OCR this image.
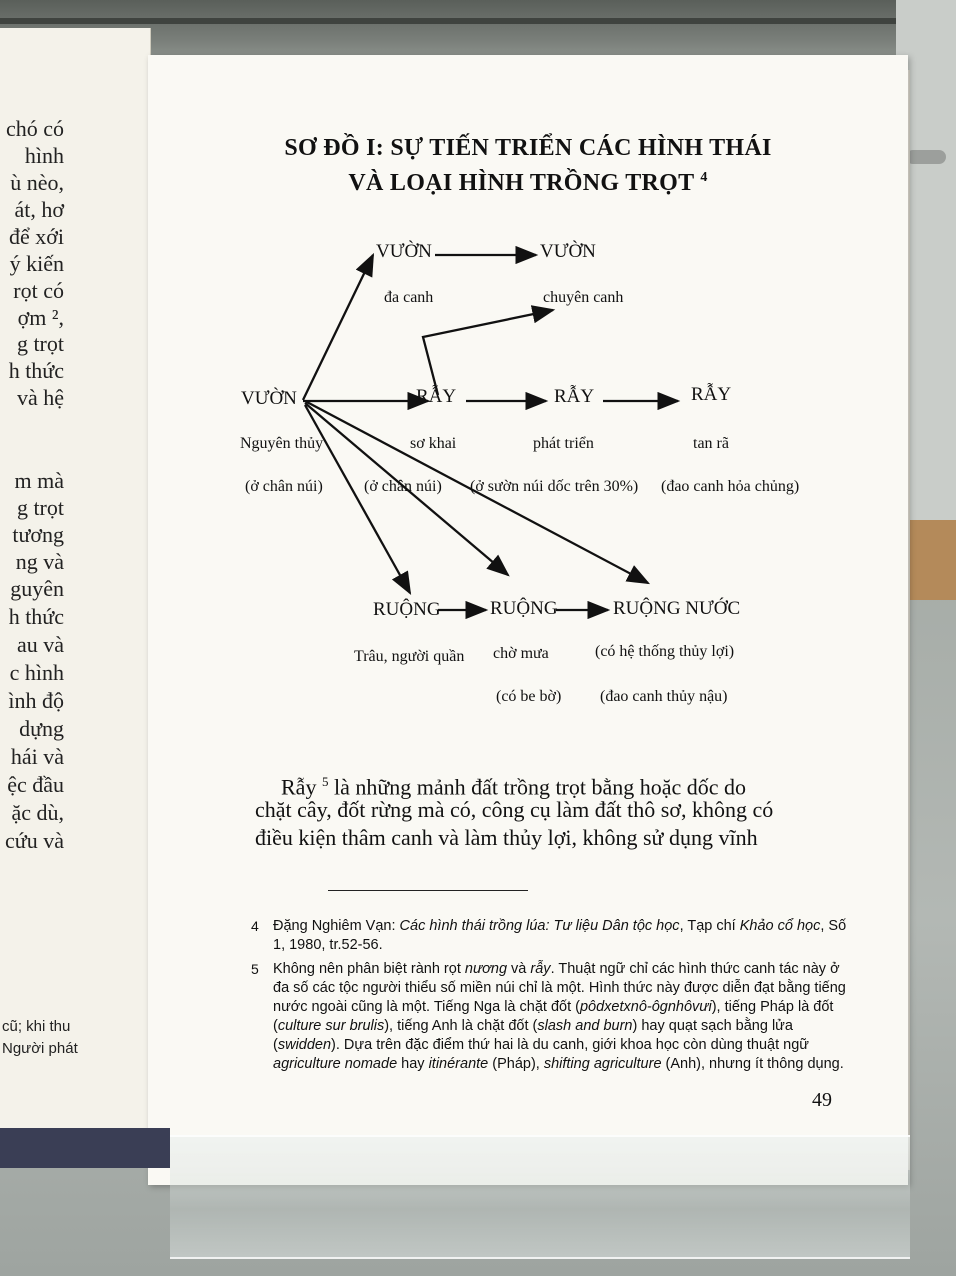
chó có
hình
ù nèo,
át, hơ
để xới
ý kiến
rọt có
ợm ²,
g trọt
h thức
và hệ
m mà
g trọt
tương
ng và
guyên
h thức
au và
c hình
ình độ
dựng
hái và
ệc đầu
ặc dù,
cứu và
cũ; khi thu
Người phát
SƠ ĐỒ I: SỰ TIẾN TRIỂN CÁC HÌNH THÁI
VÀ LOẠI HÌNH TRỒNG TRỌT $^4$
VƯỜN	VƯỜN
đa canh	chuyên canh
VƯỜN	RẪY	RẪY	RẪY
Nguyên thủy	sơ khai	phát triển	tan rã
(ở chân núi)	(ở chân núi) (ở sườn núi dốc trên 30%) (đao canh hỏa chủng)
RUỘNG	RUỘNG	RUỘNG NƯỚC
Trâu, người quần chờ mưa	(có hệ thống thủy lợi)
(có be bờ) (đao canh thủy nậu)
Rẫy $^5$ là những mảnh đất trồng trọt bằng hoặc dốc do
chặt cây, đốt rừng mà có, công cụ làm đất thô sơ, không có
điều kiện thâm canh và làm thủy lợi, không sử dụng vĩnh
4 Đặng Nghiêm Vạn: Các hình thái trồng lúa: Tư liệu Dân tộc học, Tạp chí Khảo cổ học, Số 1, 1980, tr.52-56.
5 Không nên phân biệt rành rọt nương và rẫy. Thuật ngữ chỉ các hình thức canh tác này ở đa số các tộc người thiểu số miền núi chỉ là một. Hình thức này được diễn đạt bằng tiếng nước ngoài cũng là một. Tiếng Nga là chặt đốt (pôdxetxnô-ôgnhôvưi), tiếng Pháp là đốt (culture sur brulis), tiếng Anh là chặt đốt (slash and burn) hay quạt sạch bằng lửa (swidden). Dựa trên đặc điểm thứ hai là du canh, giới khoa học còn dùng thuật ngữ agriculture nomade hay itinérante (Pháp), shifting agriculture (Anh), nhưng ít thông dụng.
49
